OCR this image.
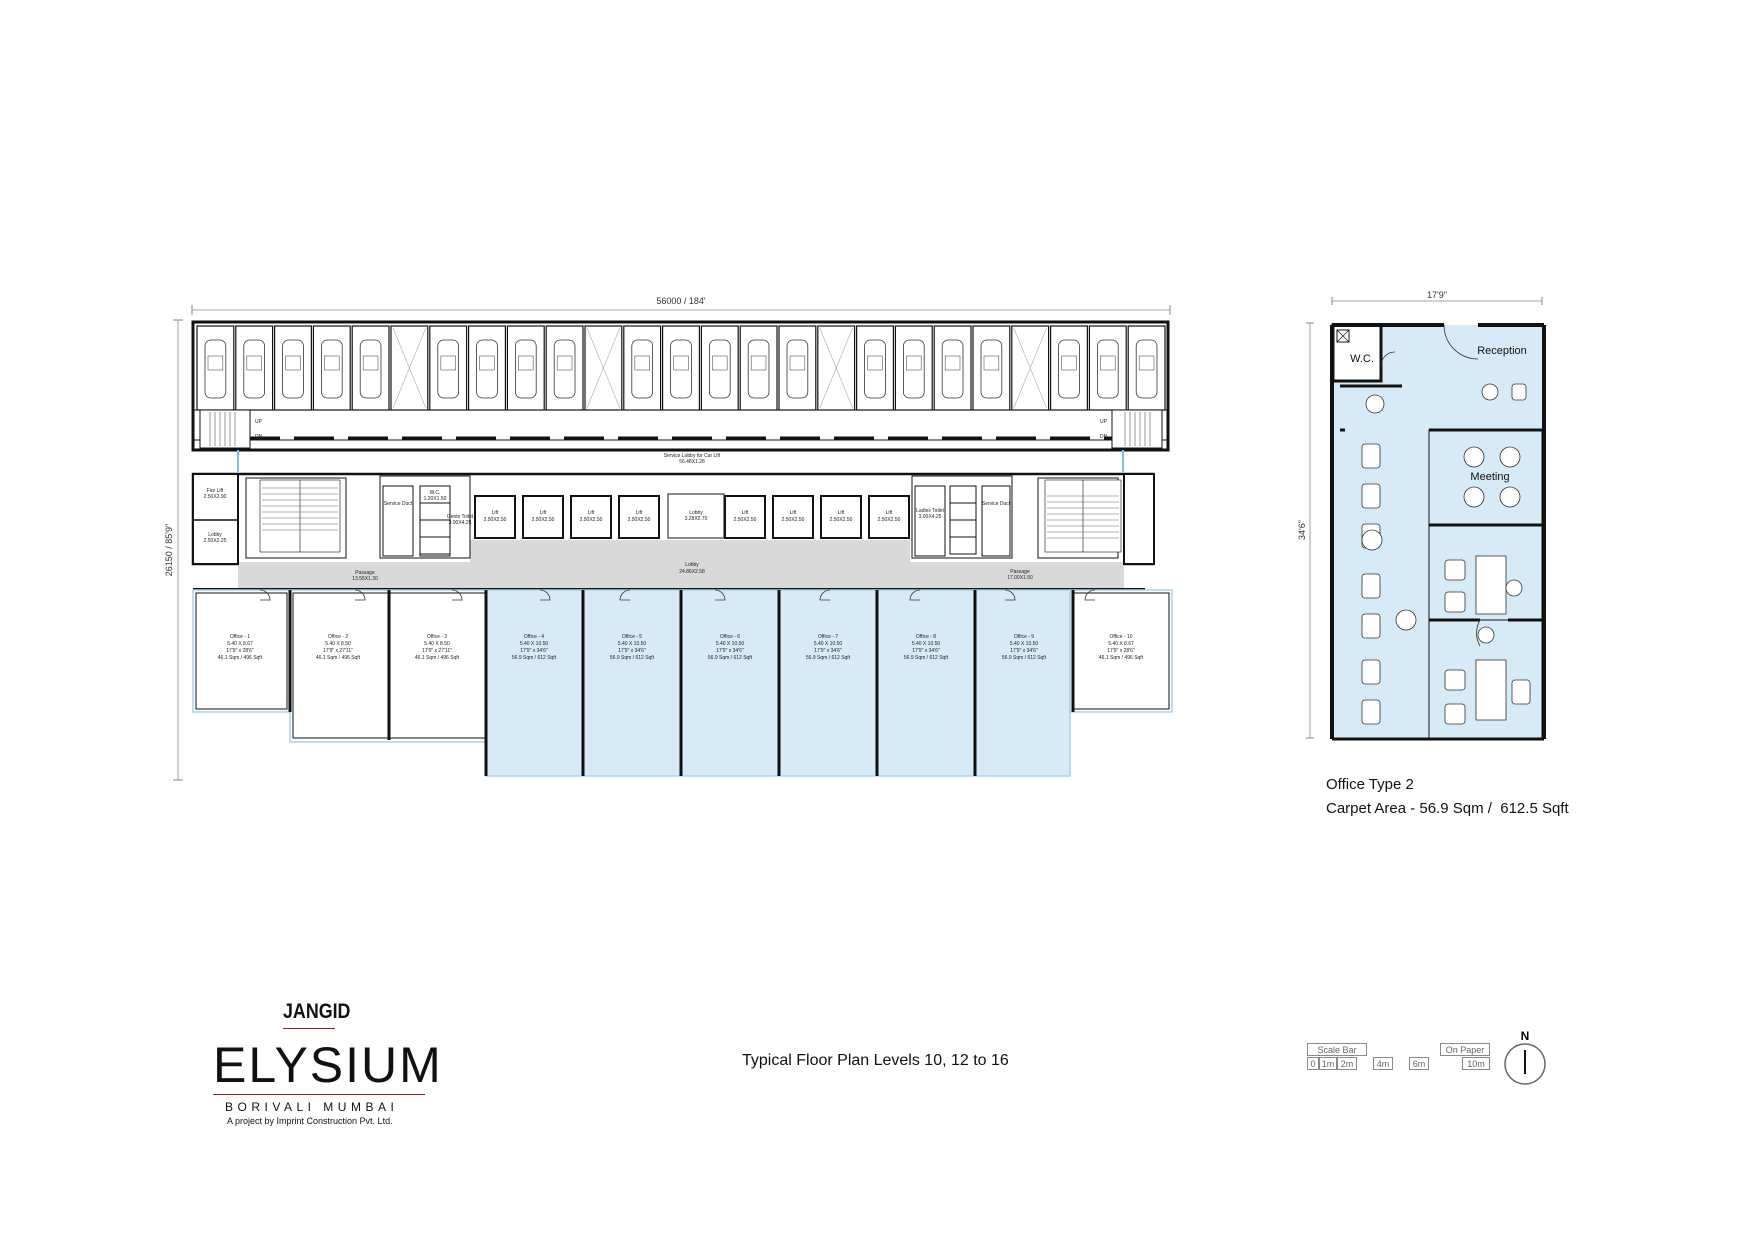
56000 / 184'
26150 / 85'9"
Service Lobby for Car Lift
56.48X1.28
UP
DN
UP
DN
Fire Lift
2.50X2.90
Lobby
2.50X2.25
Service Duct
W.C.
1.20X1.50
Gents Toilet
3.00X4.25
Ladies Toilet
3.00X4.25
Service Duct
Lift
2.50X2.50
Lift
2.50X2.50
Lift
2.50X2.50
Lift
2.50X2.50
Lobby
3.28X2.70
Lift
2.50X2.50
Lift
2.50X2.50
Lift
2.50X2.50
Lift
2.50X2.50
Lobby
24.86X2.58
Passage
13.55X1.30
Passage
17.00X1.50
Office - 1
5.40 X 8.67
17'9" x 28'6"
46.1 Sqm / 496 Sqft
Office - 2
5.40 X 8.50
17'9" x 27'11"
46.1 Sqm / 496 Sqft
Office - 3
5.40 X 8.50
17'9" x 27'11"
46.1 Sqm / 496 Sqft
Office - 4
5.40 X 10.50
17'9" x 34'6"
56.9 Sqm / 612 Sqft
Office - 5
5.40 X 10.50
17'9" x 34'6"
56.9 Sqm / 612 Sqft
Office - 6
5.40 X 10.50
17'9" x 34'6"
56.9 Sqm / 612 Sqft
Office - 7
5.40 X 10.50
17'9" x 34'6"
56.9 Sqm / 612 Sqft
Office - 8
5.40 X 10.50
17'9" x 34'6"
56.9 Sqm / 612 Sqft
Office - 9
5.40 X 10.50
17'9" x 34'6"
56.9 Sqm / 612 Sqft
Office - 10
5.40 X 8.67
17'9" x 28'6"
46.1 Sqm / 496 Sqft
17'9"
34'6"
W.C.
Reception
Meeting
N
Office Type 2
Carpet Area - 56.9 Sqm /  612.5 Sqft
Typical Floor Plan Levels 10, 12 to 16
JANGID
ELYSIUM
BORIVALI MUMBAI
A project by Imprint Construction Pvt. Ltd.
Scale Bar	On Paper
0 1m 2m	4m	6m	10m
